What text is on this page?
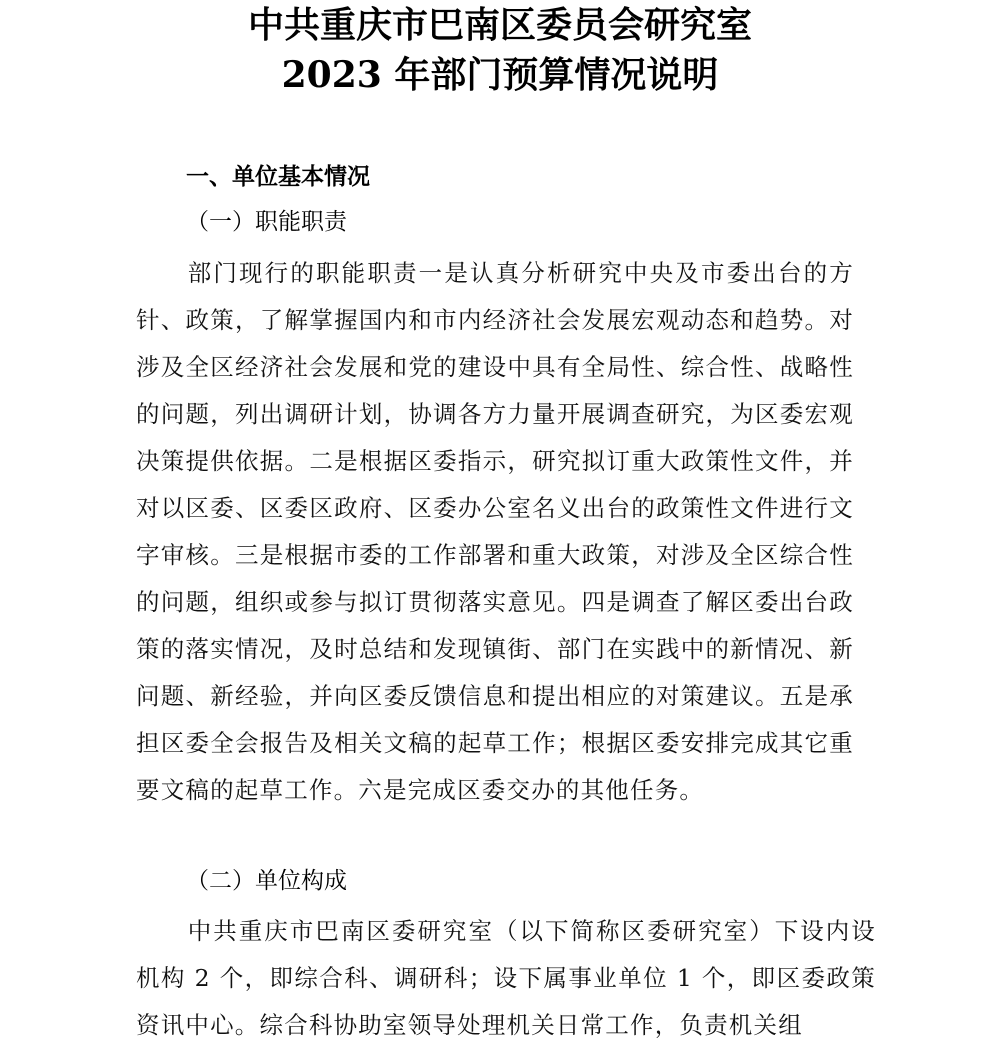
中共重庆市巴南区委员会研究室
2023 年部门预算情况说明
一、单位基本情况
（一）职能职责

部门现行的职能职责一是认真分析研究中央及市委出台的方针、政策，了解掌握国内和市内经济社会发展宏观动态和趋势。对涉及全区经济社会发展和党的建设中具有全局性、综合性、战略性的问题，列出调研计划，协调各方力量开展调查研究，为区委宏观决策提供依据。二是根据区委指示，研究拟订重大政策性文件，并对以区委、区委区政府、区委办公室名义出台的政策性文件进行文字审核。三是根据市委的工作部署和重大政策，对涉及全区综合性的问题，组织或参与拟订贯彻落实意见。四是调查了解区委出台政策的落实情况，及时总结和发现镇街、部门在实践中的新情况、新问题、新经验，并向区委反馈信息和提出相应的对策建议。五是承担区委全会报告及相关文稿的起草工作；根据区委安排完成其它重要文稿的起草工作。六是完成区委交办的其他任务。

（二）单位构成

中共重庆市巴南区委研究室（以下简称区委研究室）下设内设机构 2 个，即综合科、调研科；设下属事业单位 1 个，即区委政策资讯中心。综合科协助室领导处理机关日常工作，负责机关组
